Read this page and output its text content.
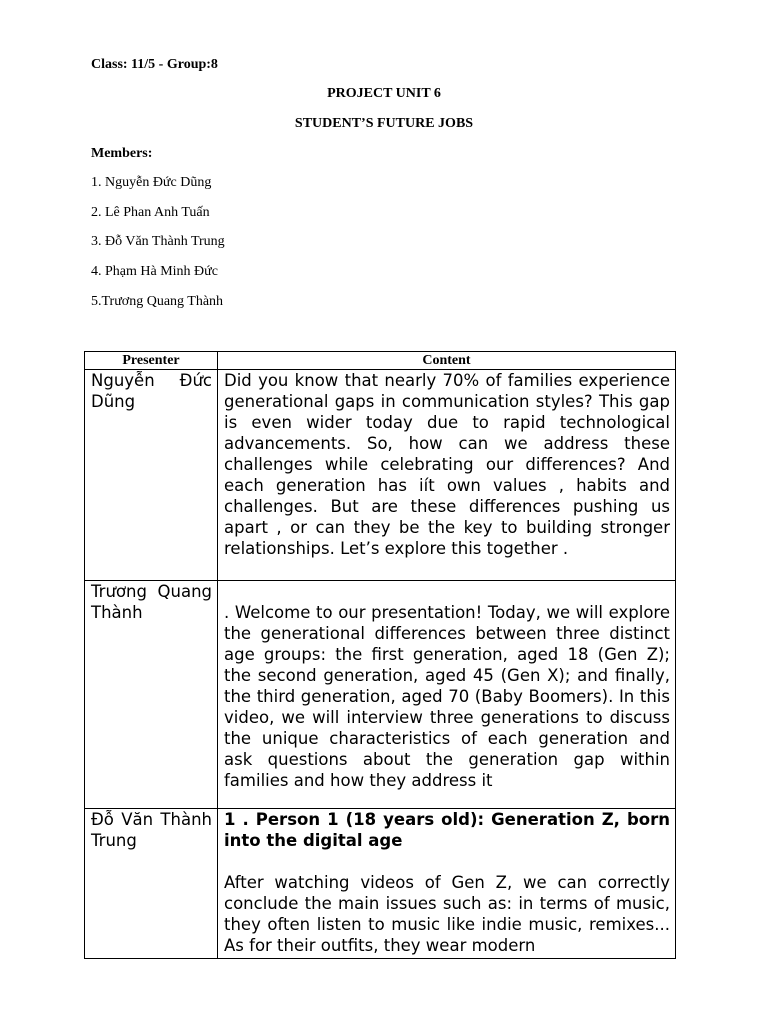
Class: 11/5 - Group:8
PROJECT UNIT 6
STUDENT’S FUTURE JOBS
Members:
1. Nguyễn Đức Dũng
2. Lê Phan Anh Tuấn
3. Đỗ Văn Thành Trung
4. Phạm Hà Minh Đức
5.Trương Quang Thành
Presenter	Content
Nguyễn Đức Dũng	Did you know that nearly 70% of families experience generational gaps in communication styles? This gap is even wider today due to rapid technological advancements. So, how can we address these challenges while celebrating our differences? And each generation has iít own values , habits and challenges. But are these differences pushing us apart , or can they be the key to building stronger relationships. Let’s explore this together .
Trương Quang Thành	. Welcome to our presentation! Today, we will explore the generational differences between three distinct age groups: the first generation, aged 18 (Gen Z); the second generation, aged 45 (Gen X); and finally, the third generation, aged 70 (Baby Boomers). In this video, we will interview three generations to discuss the unique characteristics of each generation and ask questions about the generation gap within families and how they address it

Đỗ Văn Thành Trung	1 . Person 1 (18 years old): Generation Z, born into the digital age
After watching videos of Gen Z, we can correctly conclude the main issues such as: in terms of music, they often listen to music like indie music, remixes... As for their outfits, they wear modern
